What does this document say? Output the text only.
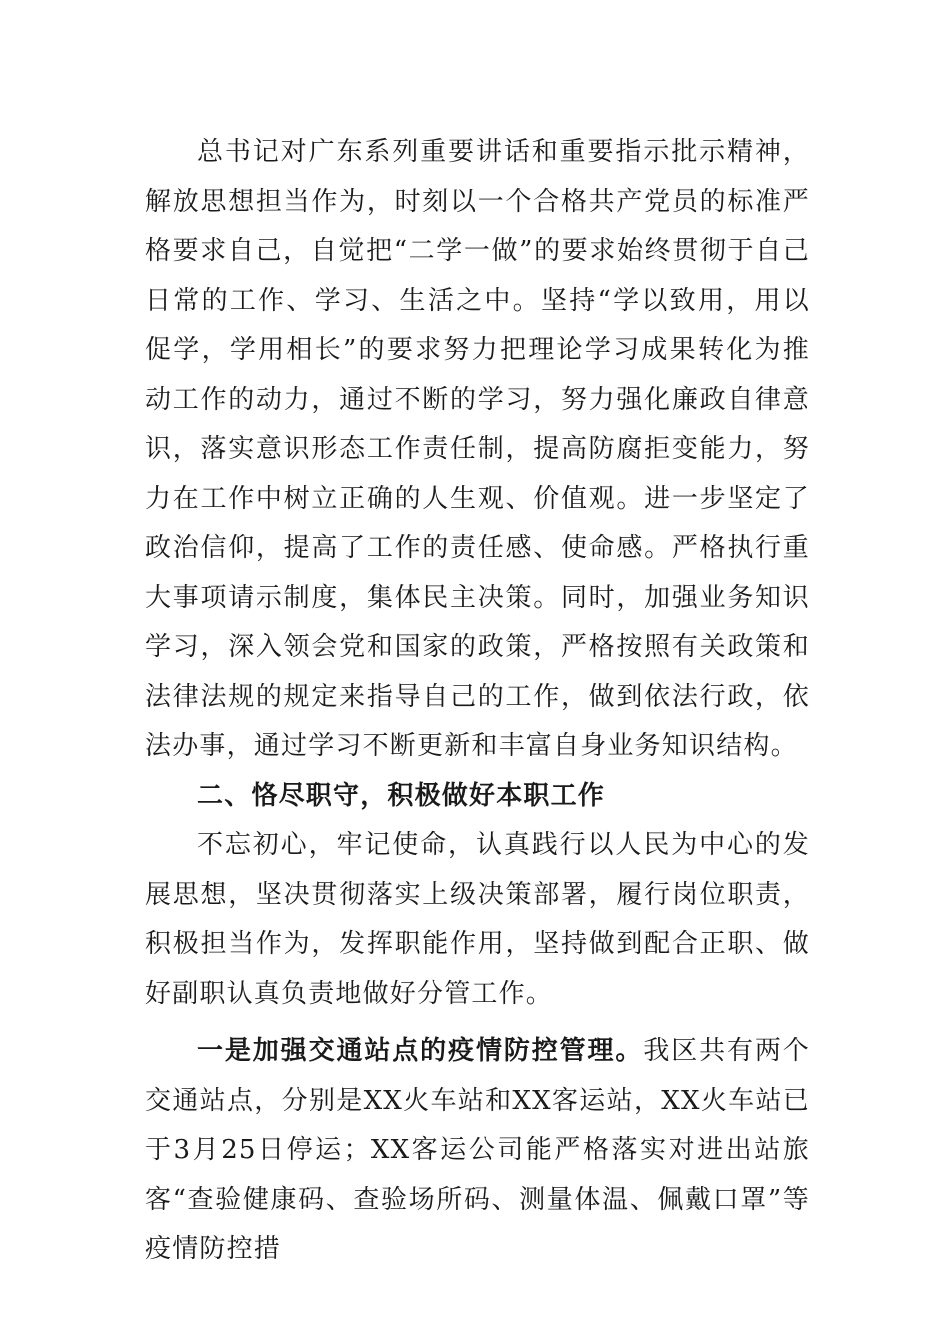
总书记对广东系列重要讲话和重要指示批示精神，解放思想担当作为，时刻以一个合格共产党员的标准严格要求自己，自觉把“二学一做”的要求始终贯彻于自己日常的工作、学习、生活之中。坚持“学以致用，用以促学，学用相长”的要求努力把理论学习成果转化为推动工作的动力，通过不断的学习，努力强化廉政自律意识，落实意识形态工作责任制，提高防腐拒变能力，努力在工作中树立正确的人生观、价值观。进一步坚定了政治信仰，提高了工作的责任感、使命感。严格执行重大事项请示制度，集体民主决策。同时，加强业务知识学习，深入领会党和国家的政策，严格按照有关政策和法律法规的规定来指导自己的工作，做到依法行政，依法办事，通过学习不断更新和丰富自身业务知识结构。

二、恪尽职守，积极做好本职工作

不忘初心，牢记使命，认真践行以人民为中心的发展思想，坚决贯彻落实上级决策部署，履行岗位职责，积极担当作为，发挥职能作用，坚持做到配合正职、做好副职认真负责地做好分管工作。

一是加强交通站点的疫情防控管理。我区共有两个交通站点，分别是XX火车站和XX客运站，XX火车站已于3月25日停运；XX客运公司能严格落实对进出站旅客“查验健康码、查验场所码、测量体温、佩戴口罩”等疫情防控措
